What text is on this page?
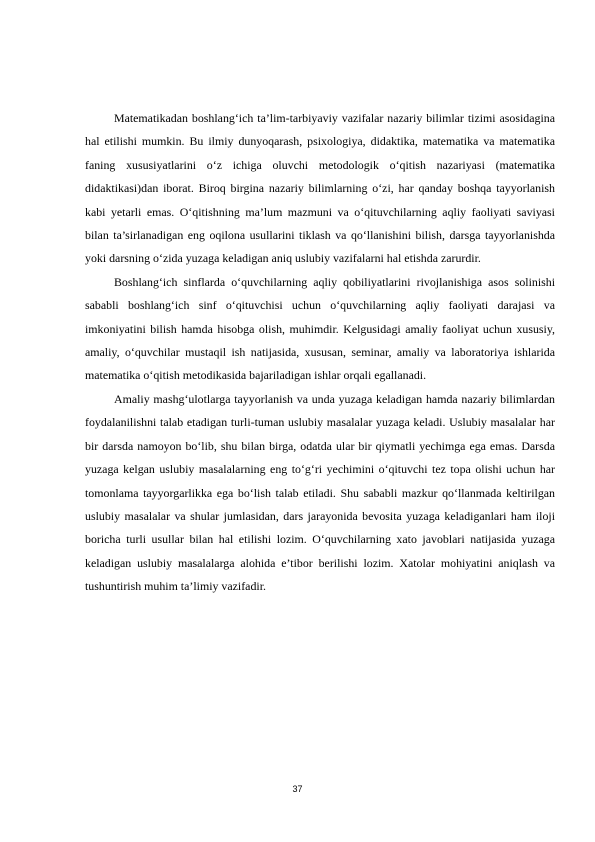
Matematikadan boshlang‘ich ta’lim-tarbiyaviy vazifalar nazariy bilimlar tizimi asosidagina hal etilishi mumkin. Bu ilmiy dunyoqarash, psixologiya, didaktika, matematika va matematika faning xususiyatlarini o‘z ichiga oluvchi metodologik o‘qitish nazariyasi (matematika didaktikasi)dan iborat. Biroq birgina nazariy bilimlarning o‘zi, har qanday boshqa tayyorlanish kabi yetarli emas. O‘qitishning ma’lum mazmuni va o‘qituvchilarning aqliy faoliyati saviyasi bilan ta’sirlanadigan eng oqilona usullarini tiklash va qo‘llanishini bilish, darsga tayyorlanishda yoki darsning o‘zida yuzaga keladigan aniq uslubiy vazifalarni hal etishda zarurdir.

Boshlang‘ich sinflarda o‘quvchilarning aqliy qobiliyatlarini rivojlanishiga asos solinishi sababli boshlang‘ich sinf o‘qituvchisi uchun o‘quvchilarning aqliy faoliyati darajasi va imkoniyatini bilish hamda hisobga olish, muhimdir. Kelgusidagi amaliy faoliyat uchun xususiy, amaliy, o‘quvchilar mustaqil ish natijasida, xususan, seminar, amaliy va laboratoriya ishlarida matematika o‘qitish metodikasida bajariladigan ishlar orqali egallanadi.

Amaliy mashg‘ulotlarga tayyorlanish va unda yuzaga keladigan hamda nazariy bilimlardan foydalanilishni talab etadigan turli-tuman uslubiy masalalar yuzaga keladi. Uslubiy masalalar har bir darsda namoyon bo‘lib, shu bilan birga, odatda ular bir qiymatli yechimga ega emas. Darsda yuzaga kelgan uslubiy masalalarning eng to‘g‘ri yechimini o‘qituvchi tez topa olishi uchun har tomonlama tayyorgarlikka ega bo‘lish talab etiladi. Shu sababli mazkur qo‘llanmada keltirilgan uslubiy masalalar va shular jumlasidan, dars jarayonida bevosita yuzaga keladiganlari ham iloji boricha turli usullar bilan hal etilishi lozim. O‘quvchilarning xato javoblari natijasida yuzaga keladigan uslubiy masalalarga alohida e’tibor berilishi lozim. Xatolar mohiyatini aniqlash va tushuntirish muhim ta’limiy vazifadir.

37
